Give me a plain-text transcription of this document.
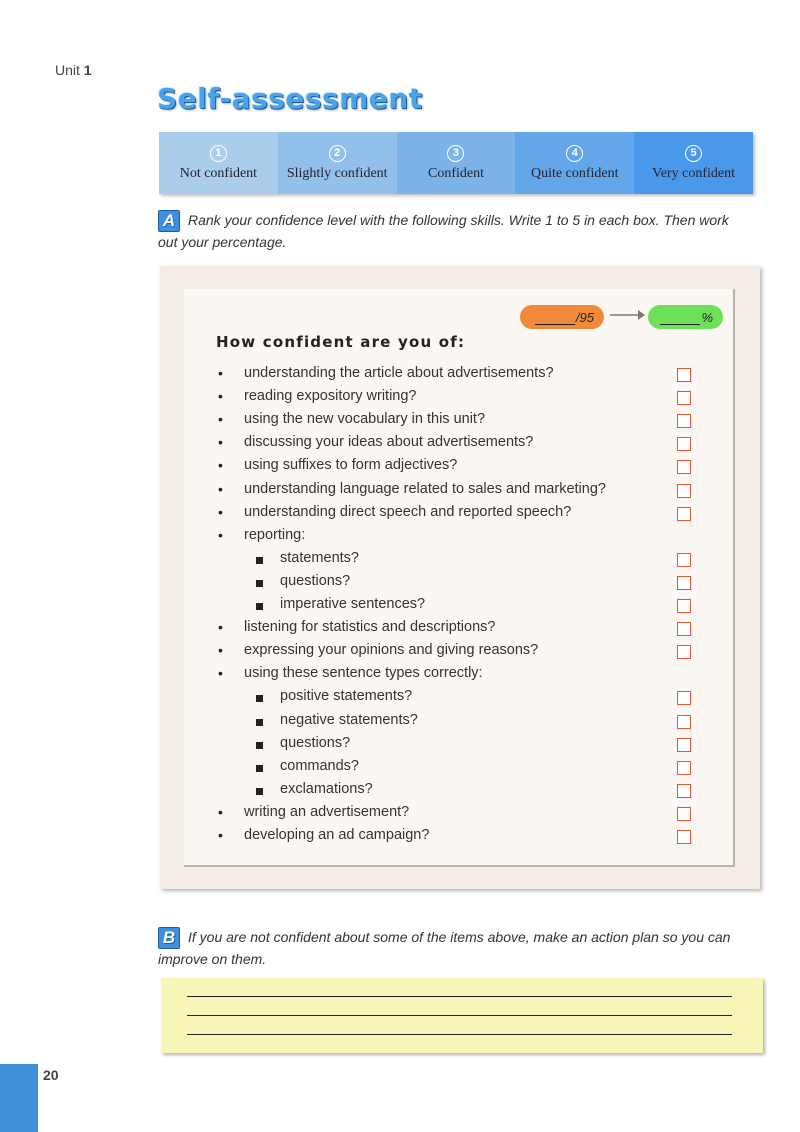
Unit 1
Self-assessment
1
Not confident
2
Slightly confident
3
Confident
4
Quite confident
5
Very confident
A Rank your confidence level with the following skills. Write 1 to 5 in each box. Then work out your percentage.
/95	%
How confident are you of:
• understanding the article about advertisements?
• reading expository writing?
• using the new vocabulary in this unit?
• discussing your ideas about advertisements?
• using suffixes to form adjectives?
• understanding language related to sales and marketing?
• understanding direct speech and reported speech?
• reporting:
statements?
questions?
imperative sentences?
• listening for statistics and descriptions?
• expressing your opinions and giving reasons?
• using these sentence types correctly:
positive statements?
negative statements?
questions?
commands?
exclamations?
• writing an advertisement?
• developing an ad campaign?
B If you are not confident about some of the items above, make an action plan so you can improve on them.
20
